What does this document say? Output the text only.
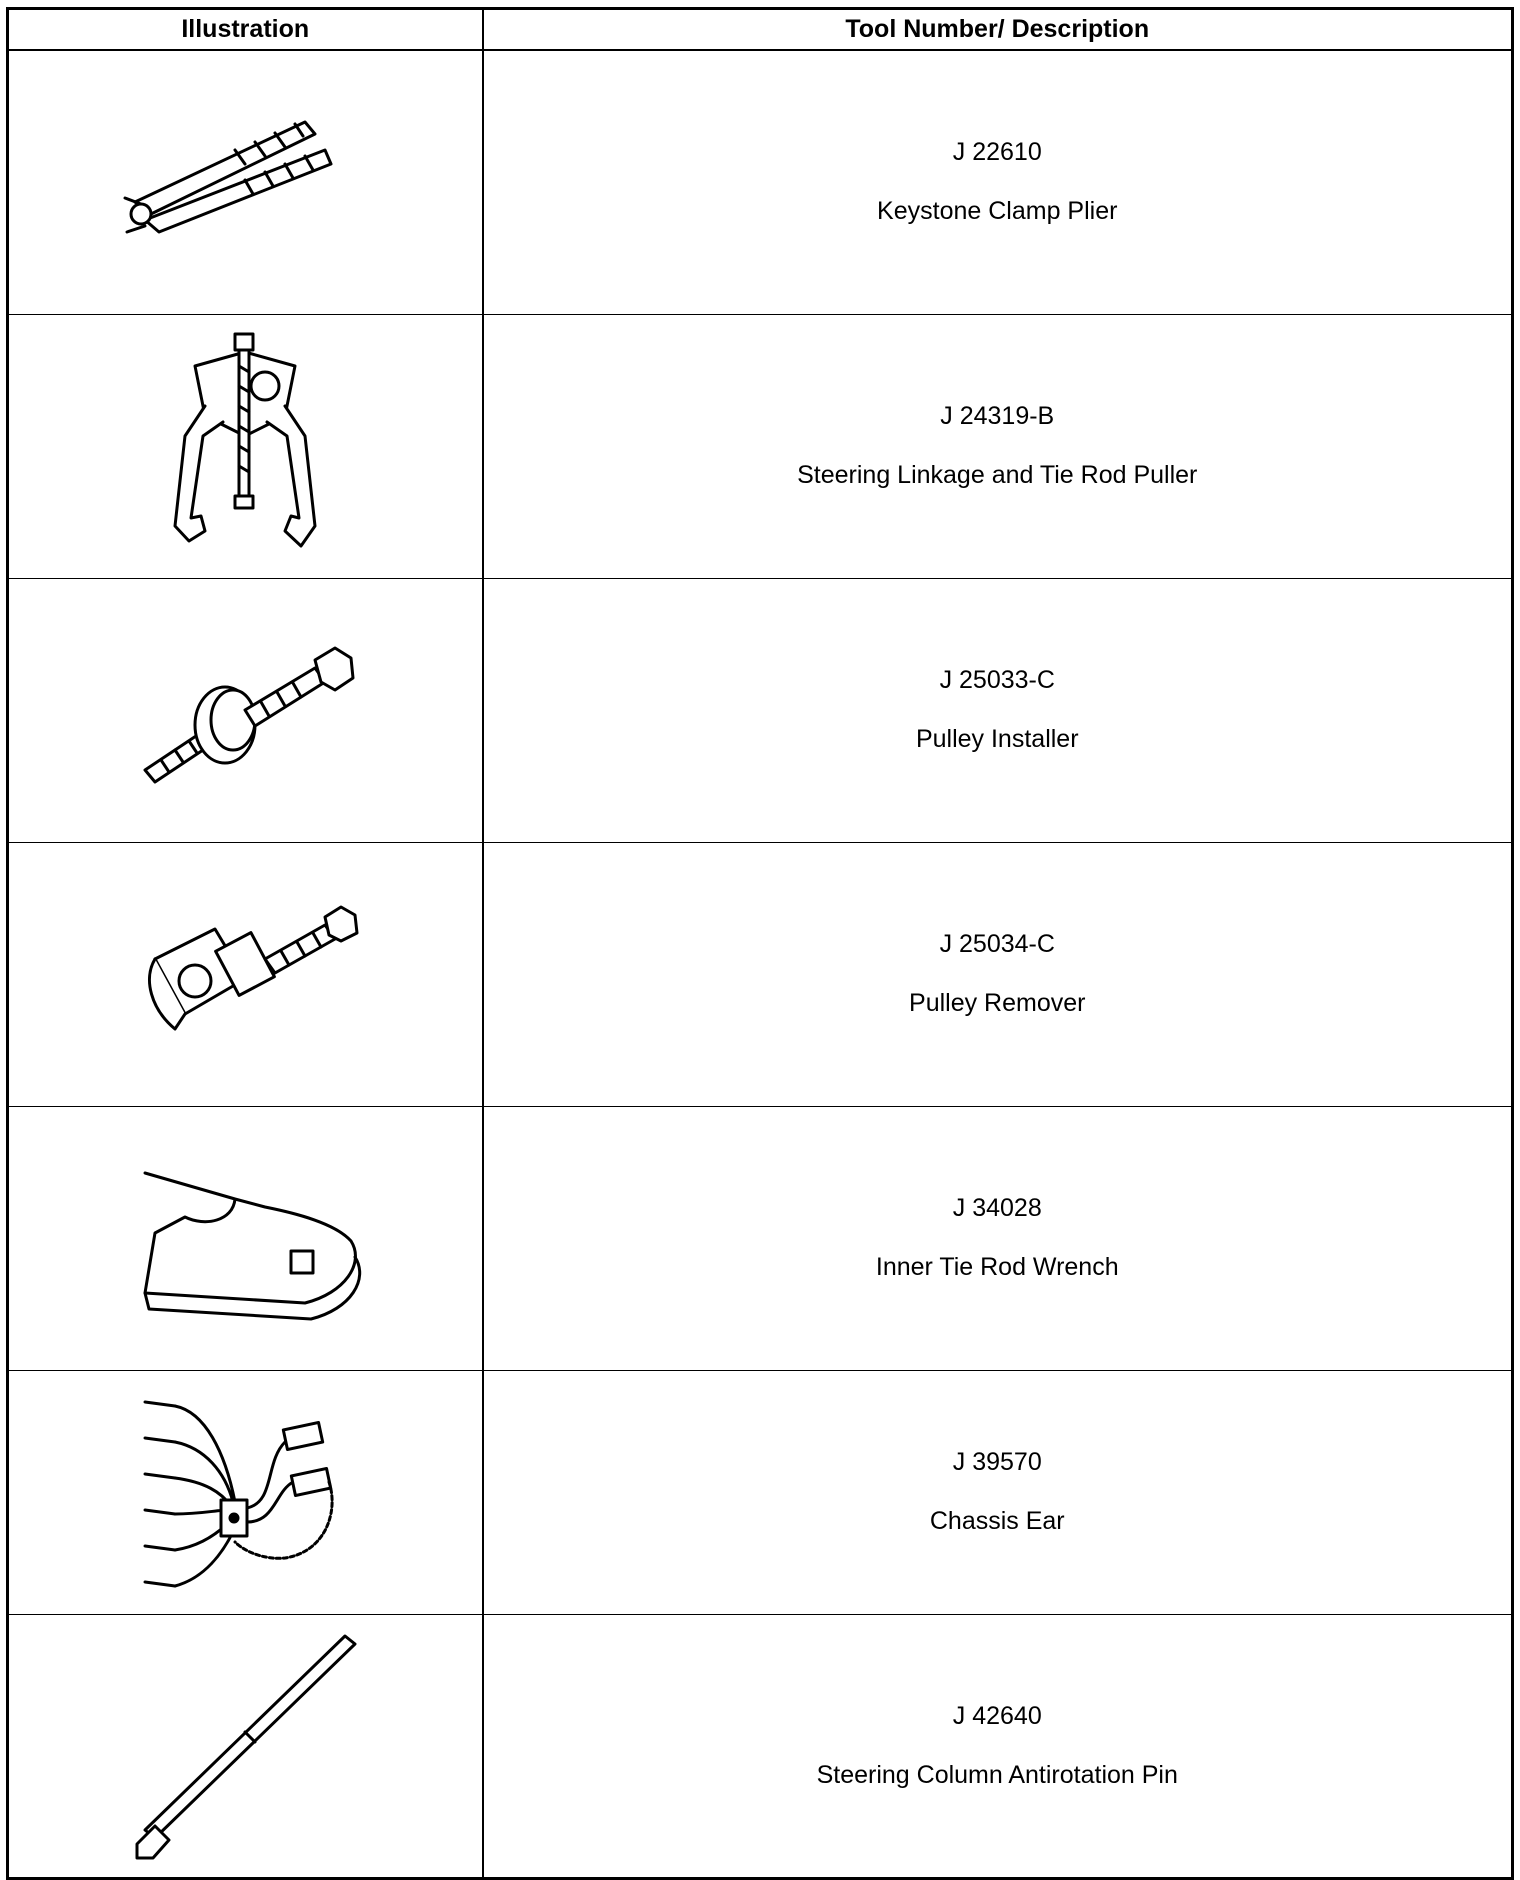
Illustration	Tool Number/ Description

J 22610
Keystone Clamp Plier

J 24319-B
Steering Linkage and Tie Rod Puller

J 25033-C
Pulley Installer

J 25034-C
Pulley Remover

J 34028
Inner Tie Rod Wrench

J 39570
Chassis Ear

J 42640
Steering Column Antirotation Pin
